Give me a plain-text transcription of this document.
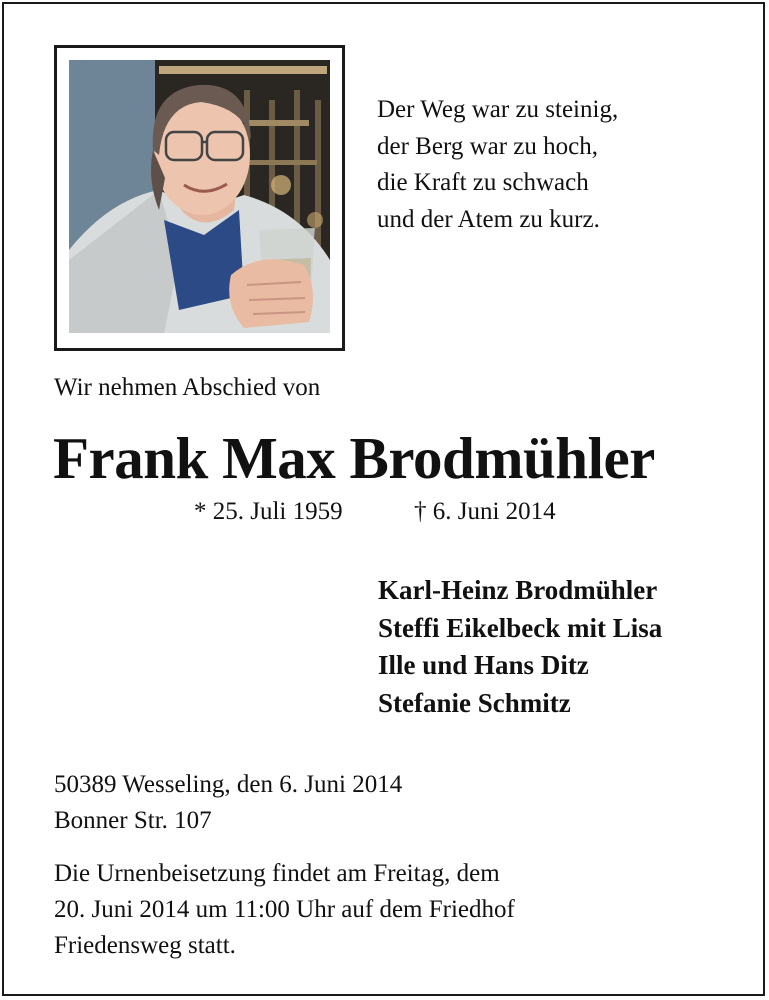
Der Weg war zu steinig,
der Berg war zu hoch,
die Kraft zu schwach
und der Atem zu kurz.
Wir nehmen Abschied von
Frank Max Brodmühler
* 25. Juli 1959	† 6. Juni 2014
Karl-Heinz Brodmühler
Steffi Eikelbeck mit Lisa
Ille und Hans Ditz
Stefanie Schmitz
50389 Wesseling, den 6. Juni 2014
Bonner Str. 107
Die Urnenbeisetzung findet am Freitag, dem
20. Juni 2014 um 11:00 Uhr auf dem Friedhof
Friedensweg statt.
